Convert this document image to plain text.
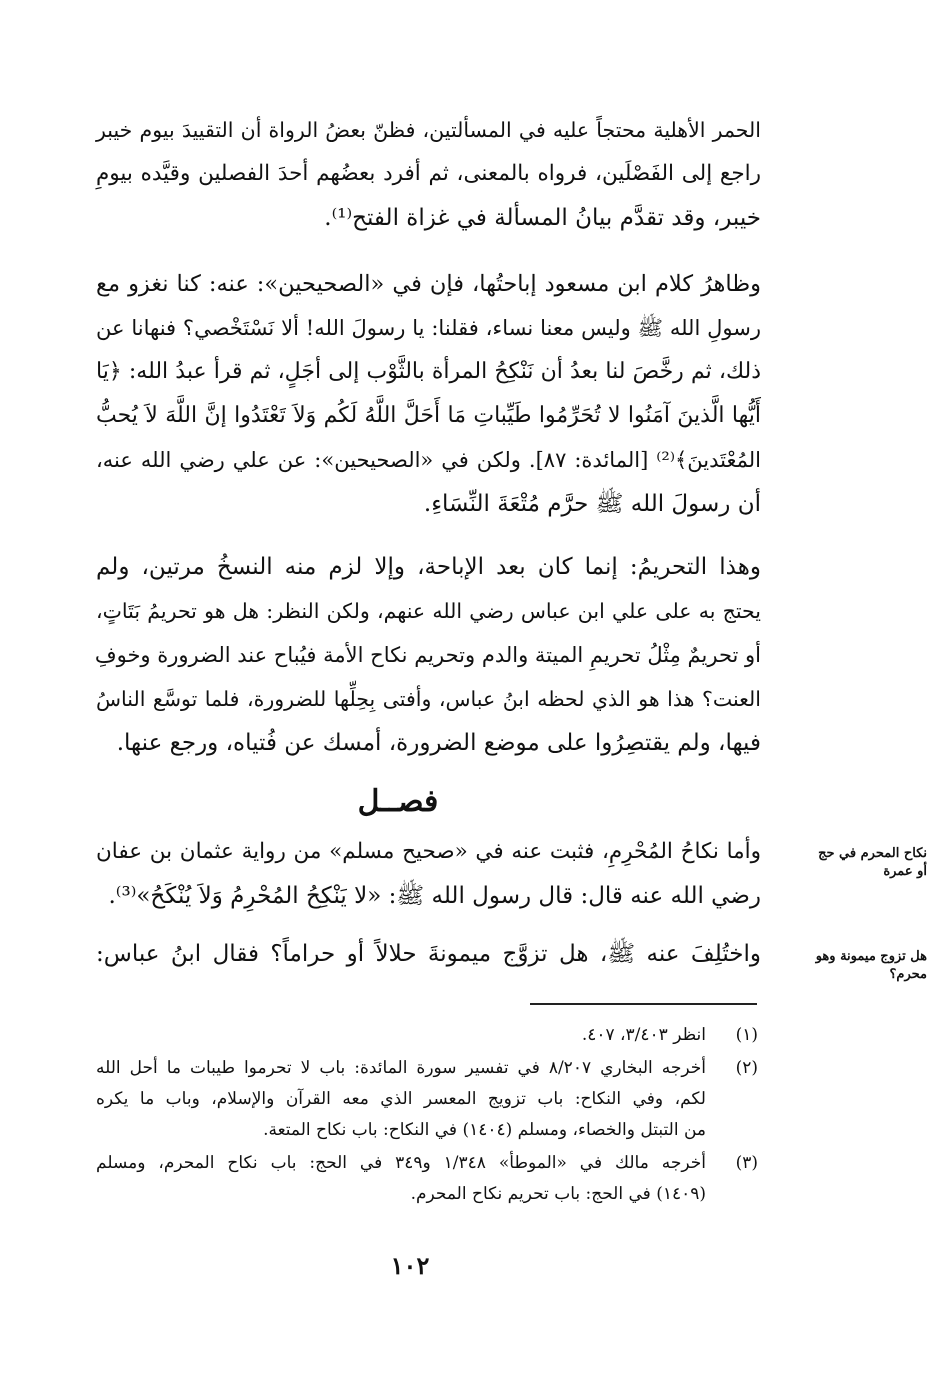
الحمر الأهلية محتجاً عليه في المسألتين، فظنّ بعضُ الرواة أن التقييدَ بيوم خيبر
راجع إلى الفَصْلَين، فرواه بالمعنى، ثم أفرد بعضُهم أحدَ الفصلين وقيَّده بيومِ
خيبر، وقد تقدَّم بيانُ المسألة في غزاة الفتح⁽¹⁾.
وظاهرُ كلام ابن مسعود إباحتُها، فإن في «الصحيحين»: عنه: كنا نغزو مع
رسولِ الله ﷺ وليس معنا نساء، فقلنا: يا رسولَ الله! ألا نَسْتَخْصي؟ فنهانا عن
ذلك، ثم رخَّصَ لنا بعدُ أن نَنْكِحُ المرأة بالثَّوْب إلى أجَلٍ، ثم قرأ عبدُ الله: ﴿يَا
أَيُّها الَّذينَ آمَنُوا لا تُحَرِّمُوا طَيِّباتِ مَا أَحَلَّ اللَّهُ لَكُم وَلاَ تَعْتَدُوا إنَّ اللَّهَ لاَ يُحبُّ
المُعْتَدينَ﴾⁽²⁾ [المائدة: ٨٧]. ولكن في «الصحيحين»: عن علي رضي الله عنه،
أن رسولَ الله ﷺ حرَّم مُتْعَةَ النِّسَاءِ.
وهذا التحريمُ: إنما كان بعد الإباحة، وإلا لزم منه النسخُ مرتين، ولم
يحتج به على علي ابن عباس رضي الله عنهم، ولكن النظر: هل هو تحريمُ بَتَاتٍ،
أو تحريمٌ مِثْلُ تحريمِ الميتة والدم وتحريم نكاح الأمة فيُباح عند الضرورة وخوفِ
العنت؟ هذا هو الذي لحظه ابنُ عباس، وأفتى بِحِلِّها للضرورة، فلما توسَّع الناسُ
فيها، ولم يقتصِرُوا على موضع الضرورة، أمسك عن فُتياه، ورجع عنها.
فصــل
نكاح المحرم في حج أو عمرة
وأما نكاحُ المُحْرِمِ، فثبت عنه في «صحيح مسلم» من رواية عثمان بن عفان
رضي الله عنه قال: قال رسول الله ﷺ: «لا يَنْكِحُ المُحْرِمُ وَلاَ يُنْكَحُ»⁽³⁾.
هل تزوج ميمونة وهو محرم؟
واختُلِفَ عنه ﷺ، هل تزوَّج ميمونةَ حلالاً أو حراماً؟ فقال ابنُ عباس:
(١)
انظر ٣/٤٠٣، ٤٠٧.
(٢)
أخرجه البخاري ٨/٢٠٧ في تفسير سورة المائدة: باب لا تحرموا طيبات ما أحل الله
لكم، وفي النكاح: باب تزويج المعسر الذي معه القرآن والإسلام، وباب ما يكره
من التبتل والخصاء، ومسلم (١٤٠٤) في النكاح: باب نكاح المتعة.
(٣)
أخرجه مالك في «الموطأ» ١/٣٤٨ و٣٤٩ في الحج: باب نكاح المحرم، ومسلم
(١٤٠٩) في الحج: باب تحريم نكاح المحرم.
١٠٢
